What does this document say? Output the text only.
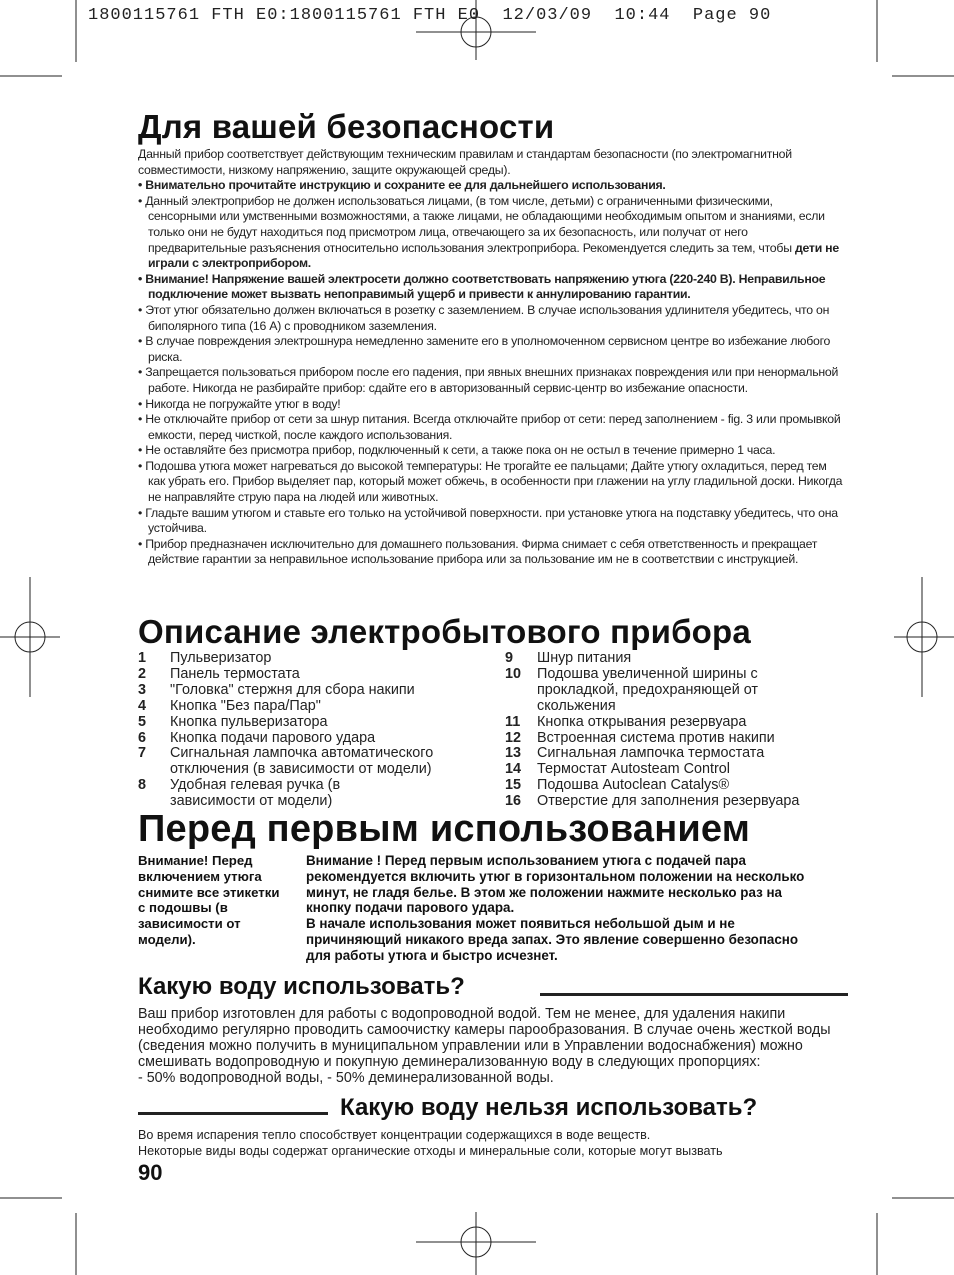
1800115761 FTH E0:1800115761 FTH E0  12/03/09  10:44  Page 90
Для вашей безопасности

Данный прибор соответствует действующим техническим правилам и стандартам безопасности (по электромагнитной совместимости, низкому напряжению, защите окружающей среды).

• Внимательно прочитайте инструкцию и сохраните ее для дальнейшего использования.

• Данный электроприбор не должен использоваться лицами, (в том числе, детьми) с ограниченными физическими, сенсорными или умственными возможностями, а также лицами, не обладающими необходимым опытом и знаниями, если только они не будут находиться под присмотром лица, отвечающего за их безопасность, или получат от него предварительные разъяснения относительно использования электроприбора. Рекомендуется следить за тем, чтобы дети не играли с электроприбором.

• Внимание! Напряжение вашей электросети должно соответствовать напряжению утюга (220-240 В). Неправильное подключение может вызвать непоправимый ущерб и привести к аннулированию гарантии.

• Этот утюг обязательно должен включаться в розетку с заземлением. В случае использования удлинителя убедитесь, что он биполярного типа (16 А) с проводником заземления.

• В случае повреждения электрошнура немедленно замените его в уполномоченном сервисном центре во избежание любого риска.

• Запрещается пользоваться прибором после его падения, при явных внешних признаках повреждения или при ненормальной работе. Никогда не разбирайте прибор: сдайте его в авторизованный сервис-центр во избежание опасности.

• Никогда не погружайте утюг в воду!

• Не отключайте прибор от сети за шнур питания. Всегда отключайте прибор от сети: перед заполнением - fig. 3 или промывкой емкости, перед чисткой, после каждого использования.

• Не оставляйте без присмотра прибор, подключенный к сети, а также пока он не остыл в течение примерно 1 часа.

• Подошва утюга может нагреваться до высокой температуры: Не трогайте ее пальцами; Дайте утюгу охладиться, перед тем как убрать его. Прибор выделяет пар, который может обжечь, в особенности при глажении на углу гладильной доски. Никогда не направляйте струю пара на людей или животных.

• Гладьте вашим утюгом и ставьте его только на устойчивой поверхности. при установке утюга на подставку убедитесь, что она устойчива.

• Прибор предназначен исключительно для домашнего пользования. Фирма снимает с себя ответственность и прекращает действие гарантии за неправильное использование прибора или за пользование им не в соответствии с инструкцией.

Описание электробытового прибора
1	Пульверизатор
2	Панель термостата
3	"Головка" стержня для сбора накипи
4	Кнопка "Без пара/Пар"
5	Кнопка пульверизатора
6	Кнопка подачи парового удара
7	Сигнальная лампочка автоматического отключения (в зависимости от модели)
8	Удобная гелевая ручка (в зависимости от модели)
9	Шнур питания
10	Подошва увеличенной ширины с прокладкой, предохраняющей от скольжения
11	Кнопка открывания резервуара
12	Встроенная система против накипи
13	Сигнальная лампочка термостата
14	Термостат Autosteam Control
15	Подошва Autoclean Catalys®
16	Отверстие для заполнения резервуара
Перед первым использованием
Внимание! Перед включением утюга снимите все этикетки с подошвы (в зависимости от модели).
Внимание ! Перед первым использованием утюга с подачей пара рекомендуется включить утюг в горизонтальном положении на несколько минут, не гладя белье. В этом же положении нажмите несколько раз на кнопку подачи парового удара.
В начале использования может появиться небольшой дым и не причиняющий никакого вреда запах. Это явление совершенно безопасно для работы утюга и быстро исчезнет.
Какую воду использовать?
Ваш прибор изготовлен для работы с водопроводной водой. Тем не менее, для удаления накипи необходимо регулярно проводить самоочистку камеры парообразования. В случае очень жесткой воды (сведения можно получить в муниципальном управлении или в Управлении водоснабжения) можно смешивать водопроводную и покупную деминерализованную воду в следующих пропорциях:
- 50% водопроводной воды, - 50% деминерализованной воды.
Какую воду нельзя использовать?
Во время испарения тепло способствует концентрации содержащихся в воде веществ.
Некоторые виды воды содержат органические отходы и минеральные соли, которые могут вызвать
90
